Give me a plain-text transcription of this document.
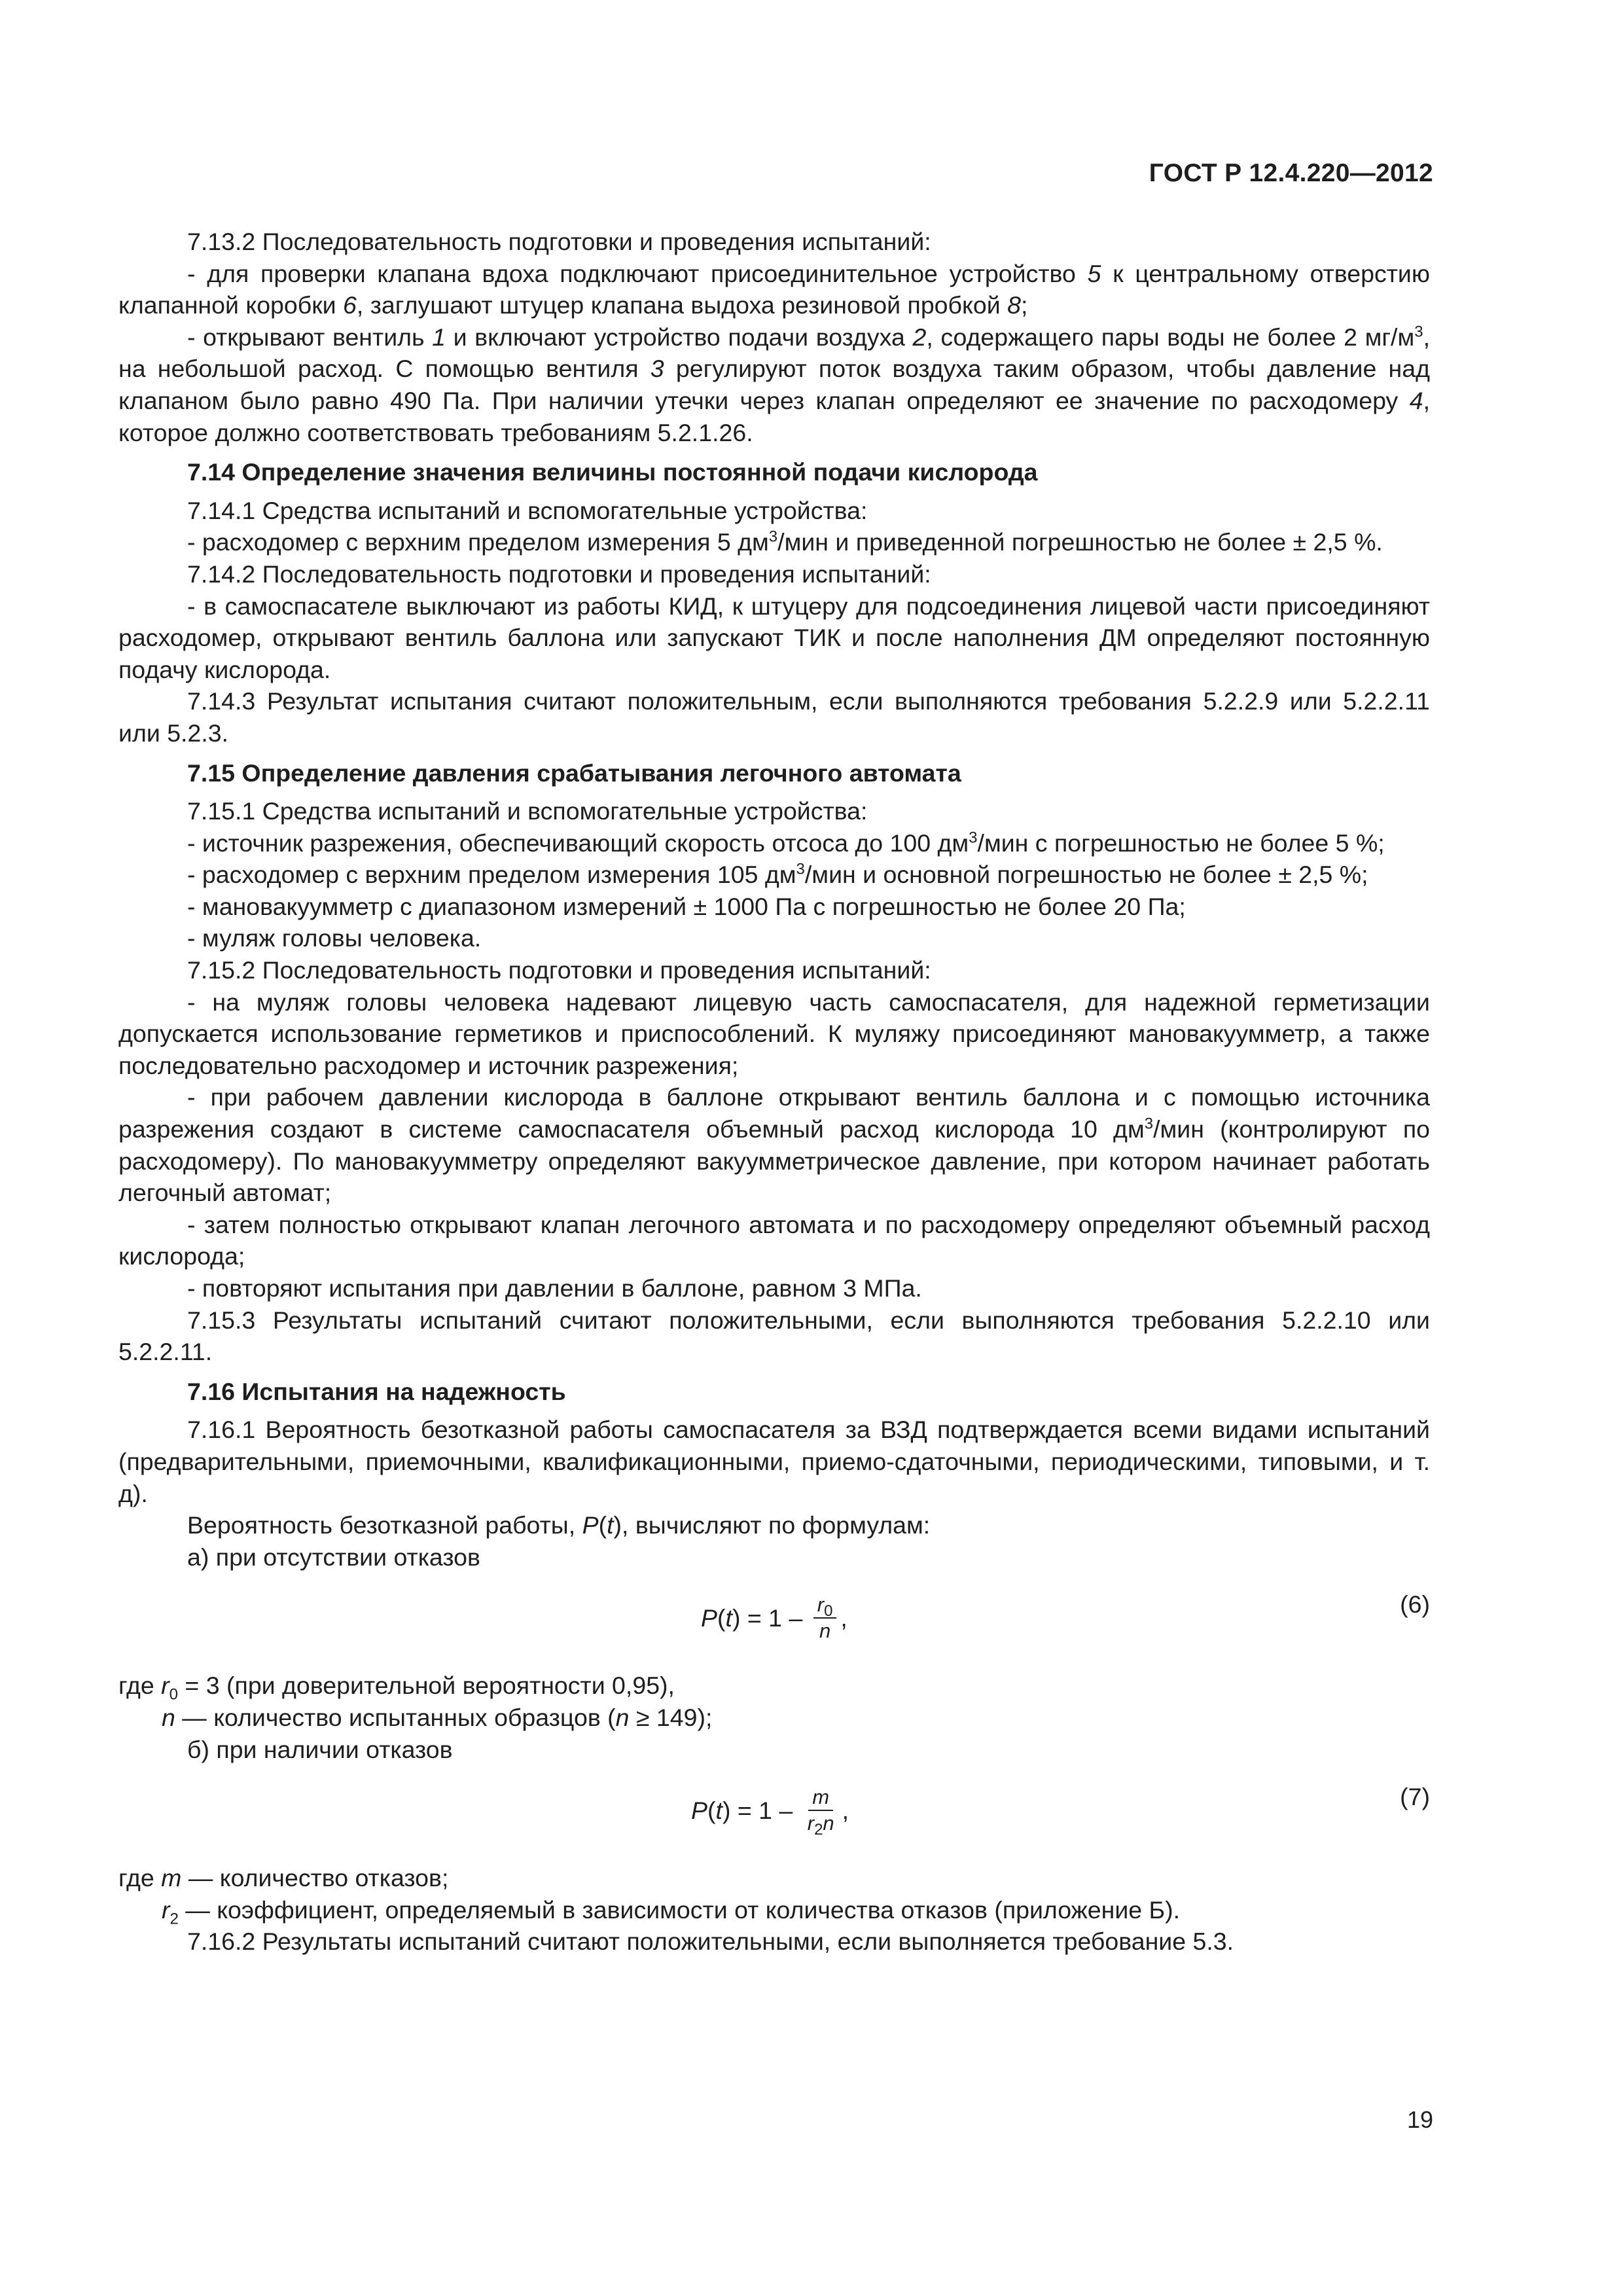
ГОСТ Р 12.4.220—2012

7.13.2 Последовательность подготовки и проведения испытаний:

- для проверки клапана вдоха подключают присоединительное устройство 5 к центральному отверстию клапанной коробки 6, заглушают штуцер клапана выдоха резиновой пробкой 8;

- открывают вентиль 1 и включают устройство подачи воздуха 2, содержащего пары воды не более 2 $мг/м^3$, на небольшой расход. С помощью вентиля 3 регулируют поток воздуха таким образом, чтобы давление над клапаном было равно 490 Па. При наличии утечки через клапан определяют ее значение по расходомеру 4, которое должно соответствовать требованиям 5.2.1.26.

7.14 Определение значения величины постоянной подачи кислорода

7.14.1 Средства испытаний и вспомогательные устройства:

- расходомер с верхним пределом измерения 5 $дм^3$/мин и приведенной погрешностью не более ± 2,5 %.

7.14.2 Последовательность подготовки и проведения испытаний:

- в самоспасателе выключают из работы КИД, к штуцеру для подсоединения лицевой части присоединяют расходомер, открывают вентиль баллона или запускают ТИК и после наполнения ДМ определяют постоянную подачу кислорода.

7.14.3 Результат испытания считают положительным, если выполняются требования 5.2.2.9 или 5.2.2.11 или 5.2.3.

7.15 Определение давления срабатывания легочного автомата

7.15.1 Средства испытаний и вспомогательные устройства:

- источник разрежения, обеспечивающий скорость отсоса до 100 $дм^3$/мин с погрешностью не более 5 %;

- расходомер с верхним пределом измерения 105 $дм^3$/мин и основной погрешностью не более ± 2,5 %;

- мановакуумметр с диапазоном измерений ± 1000 Па с погрешностью не более 20 Па;

- муляж головы человека.

7.15.2 Последовательность подготовки и проведения испытаний:

- на муляж головы человека надевают лицевую часть самоспасателя, для надежной герметизации допускается использование герметиков и приспособлений. К муляжу присоединяют мановакуумметр, а также последовательно расходомер и источник разрежения;

- при рабочем давлении кислорода в баллоне открывают вентиль баллона и с помощью источника разрежения создают в системе самоспасателя объемный расход кислорода 10 $дм^3$/мин (контролируют по расходомеру). По мановакуумметру определяют вакуумметрическое давление, при котором начинает работать легочный автомат;

- затем полностью открывают клапан легочного автомата и по расходомеру определяют объемный расход кислорода;

- повторяют испытания при давлении в баллоне, равном 3 МПа.

7.15.3 Результаты испытаний считают положительными, если выполняются требования 5.2.2.10 или 5.2.2.11.

7.16 Испытания на надежность

7.16.1 Вероятность безотказной работы самоспасателя за ВЗД подтверждается всеми видами испытаний (предварительными, приемочными, квалификационными, приемо-сдаточными, периодическими, типовыми, и т. д).

Вероятность безотказной работы, P(t), вычисляют по формулам:

а) при отсутствии отказов

P ( t ) = $1 - \frac{r_0}{n}$ ,	(6)

где $r_0 = 3$ (при доверительной вероятности 0,95),

n — количество испытанных образцов (n ≥ 149);

б) при наличии отказов

P ( t ) = $1 - \frac{m}{r_2n}$ ,	(7)

где m — количество отказов;

$r_2$ — коэффициент, определяемый в зависимости от количества отказов (приложение Б).

7.16.2 Результаты испытаний считают положительными, если выполняется требование 5.3.

19
